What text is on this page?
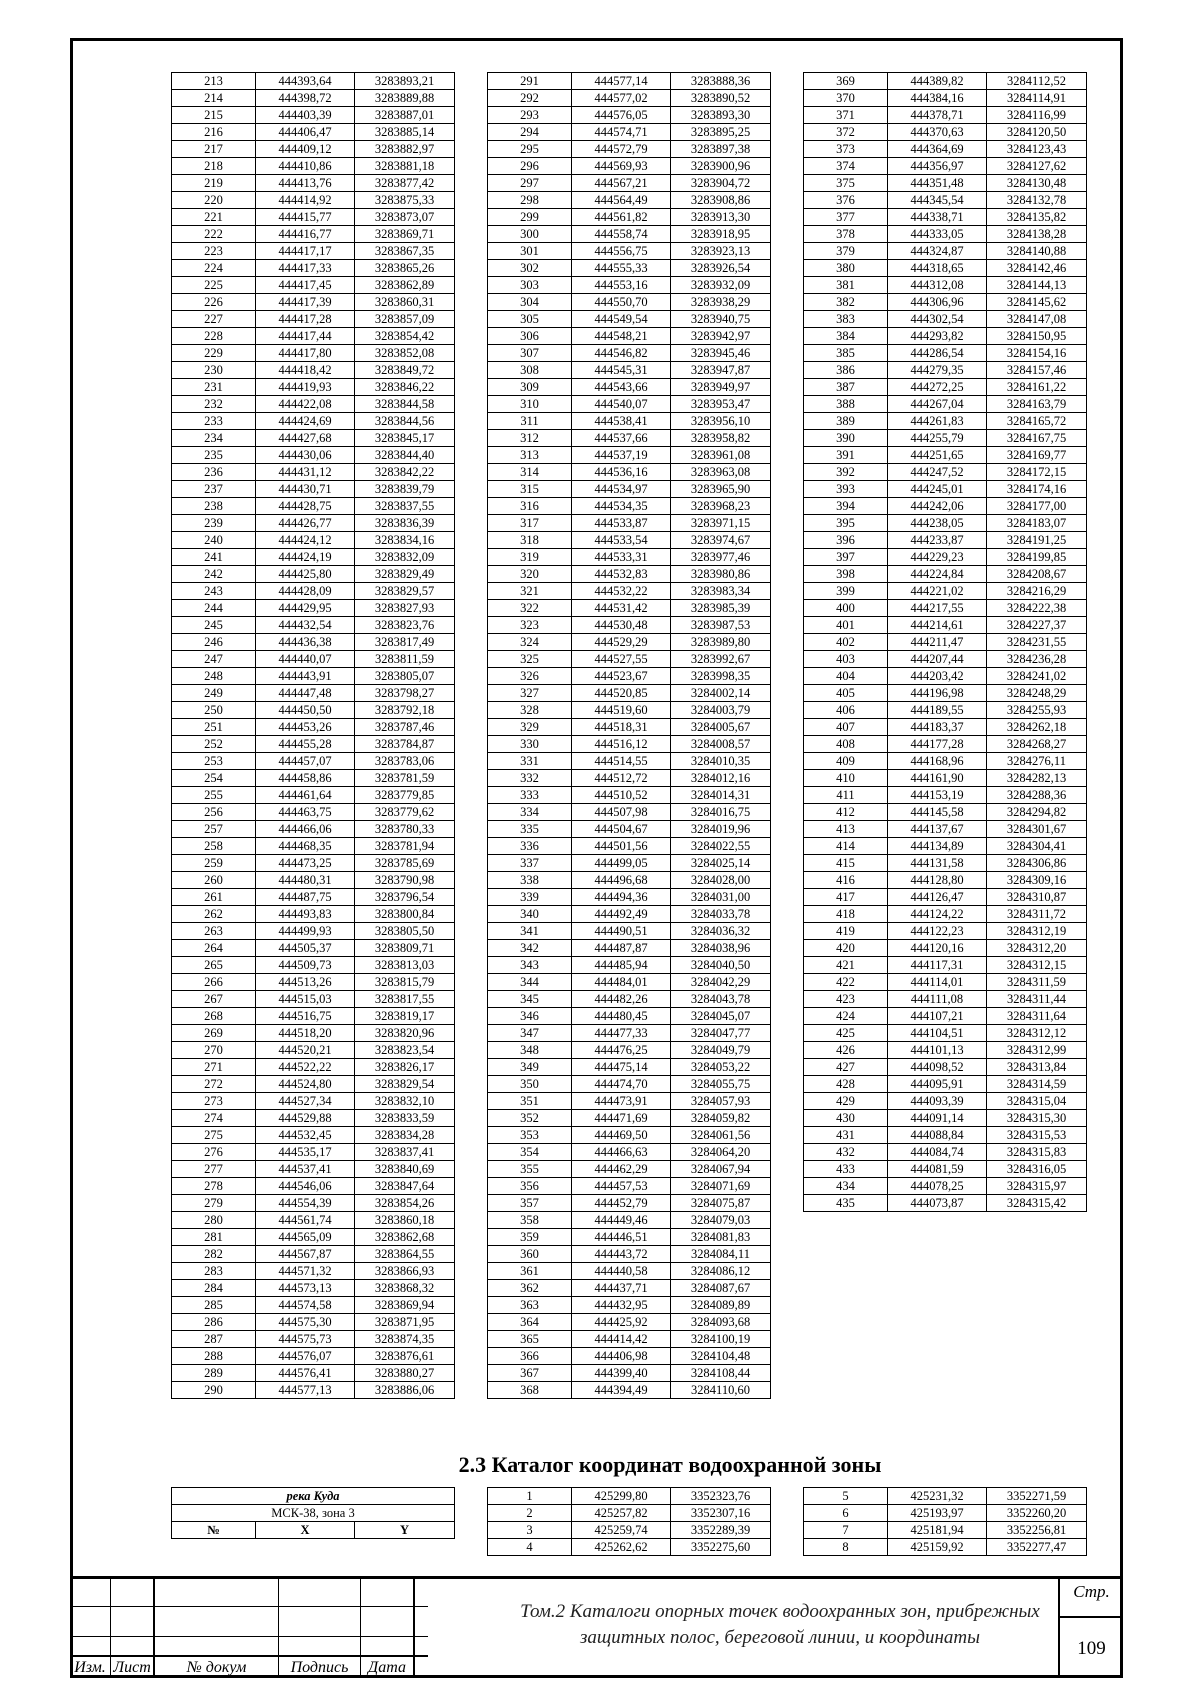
213	444393,64	3283893,21
214	444398,72	3283889,88
215	444403,39	3283887,01
216	444406,47	3283885,14
217	444409,12	3283882,97
218	444410,86	3283881,18
219	444413,76	3283877,42
220	444414,92	3283875,33
221	444415,77	3283873,07
222	444416,77	3283869,71
223	444417,17	3283867,35
224	444417,33	3283865,26
225	444417,45	3283862,89
226	444417,39	3283860,31
227	444417,28	3283857,09
228	444417,44	3283854,42
229	444417,80	3283852,08
230	444418,42	3283849,72
231	444419,93	3283846,22
232	444422,08	3283844,58
233	444424,69	3283844,56
234	444427,68	3283845,17
235	444430,06	3283844,40
236	444431,12	3283842,22
237	444430,71	3283839,79
238	444428,75	3283837,55
239	444426,77	3283836,39
240	444424,12	3283834,16
241	444424,19	3283832,09
242	444425,80	3283829,49
243	444428,09	3283829,57
244	444429,95	3283827,93
245	444432,54	3283823,76
246	444436,38	3283817,49
247	444440,07	3283811,59
248	444443,91	3283805,07
249	444447,48	3283798,27
250	444450,50	3283792,18
251	444453,26	3283787,46
252	444455,28	3283784,87
253	444457,07	3283783,06
254	444458,86	3283781,59
255	444461,64	3283779,85
256	444463,75	3283779,62
257	444466,06	3283780,33
258	444468,35	3283781,94
259	444473,25	3283785,69
260	444480,31	3283790,98
261	444487,75	3283796,54
262	444493,83	3283800,84
263	444499,93	3283805,50
264	444505,37	3283809,71
265	444509,73	3283813,03
266	444513,26	3283815,79
267	444515,03	3283817,55
268	444516,75	3283819,17
269	444518,20	3283820,96
270	444520,21	3283823,54
271	444522,22	3283826,17
272	444524,80	3283829,54
273	444527,34	3283832,10
274	444529,88	3283833,59
275	444532,45	3283834,28
276	444535,17	3283837,41
277	444537,41	3283840,69
278	444546,06	3283847,64
279	444554,39	3283854,26
280	444561,74	3283860,18
281	444565,09	3283862,68
282	444567,87	3283864,55
283	444571,32	3283866,93
284	444573,13	3283868,32
285	444574,58	3283869,94
286	444575,30	3283871,95
287	444575,73	3283874,35
288	444576,07	3283876,61
289	444576,41	3283880,27
290	444577,13	3283886,06
291	444577,14	3283888,36
292	444577,02	3283890,52
293	444576,05	3283893,30
294	444574,71	3283895,25
295	444572,79	3283897,38
296	444569,93	3283900,96
297	444567,21	3283904,72
298	444564,49	3283908,86
299	444561,82	3283913,30
300	444558,74	3283918,95
301	444556,75	3283923,13
302	444555,33	3283926,54
303	444553,16	3283932,09
304	444550,70	3283938,29
305	444549,54	3283940,75
306	444548,21	3283942,97
307	444546,82	3283945,46
308	444545,31	3283947,87
309	444543,66	3283949,97
310	444540,07	3283953,47
311	444538,41	3283956,10
312	444537,66	3283958,82
313	444537,19	3283961,08
314	444536,16	3283963,08
315	444534,97	3283965,90
316	444534,35	3283968,23
317	444533,87	3283971,15
318	444533,54	3283974,67
319	444533,31	3283977,46
320	444532,83	3283980,86
321	444532,22	3283983,34
322	444531,42	3283985,39
323	444530,48	3283987,53
324	444529,29	3283989,80
325	444527,55	3283992,67
326	444523,67	3283998,35
327	444520,85	3284002,14
328	444519,60	3284003,79
329	444518,31	3284005,67
330	444516,12	3284008,57
331	444514,55	3284010,35
332	444512,72	3284012,16
333	444510,52	3284014,31
334	444507,98	3284016,75
335	444504,67	3284019,96
336	444501,56	3284022,55
337	444499,05	3284025,14
338	444496,68	3284028,00
339	444494,36	3284031,00
340	444492,49	3284033,78
341	444490,51	3284036,32
342	444487,87	3284038,96
343	444485,94	3284040,50
344	444484,01	3284042,29
345	444482,26	3284043,78
346	444480,45	3284045,07
347	444477,33	3284047,77
348	444476,25	3284049,79
349	444475,14	3284053,22
350	444474,70	3284055,75
351	444473,91	3284057,93
352	444471,69	3284059,82
353	444469,50	3284061,56
354	444466,63	3284064,20
355	444462,29	3284067,94
356	444457,53	3284071,69
357	444452,79	3284075,87
358	444449,46	3284079,03
359	444446,51	3284081,83
360	444443,72	3284084,11
361	444440,58	3284086,12
362	444437,71	3284087,67
363	444432,95	3284089,89
364	444425,92	3284093,68
365	444414,42	3284100,19
366	444406,98	3284104,48
367	444399,40	3284108,44
368	444394,49	3284110,60
369	444389,82	3284112,52
370	444384,16	3284114,91
371	444378,71	3284116,99
372	444370,63	3284120,50
373	444364,69	3284123,43
374	444356,97	3284127,62
375	444351,48	3284130,48
376	444345,54	3284132,78
377	444338,71	3284135,82
378	444333,05	3284138,28
379	444324,87	3284140,88
380	444318,65	3284142,46
381	444312,08	3284144,13
382	444306,96	3284145,62
383	444302,54	3284147,08
384	444293,82	3284150,95
385	444286,54	3284154,16
386	444279,35	3284157,46
387	444272,25	3284161,22
388	444267,04	3284163,79
389	444261,83	3284165,72
390	444255,79	3284167,75
391	444251,65	3284169,77
392	444247,52	3284172,15
393	444245,01	3284174,16
394	444242,06	3284177,00
395	444238,05	3284183,07
396	444233,87	3284191,25
397	444229,23	3284199,85
398	444224,84	3284208,67
399	444221,02	3284216,29
400	444217,55	3284222,38
401	444214,61	3284227,37
402	444211,47	3284231,55
403	444207,44	3284236,28
404	444203,42	3284241,02
405	444196,98	3284248,29
406	444189,55	3284255,93
407	444183,37	3284262,18
408	444177,28	3284268,27
409	444168,96	3284276,11
410	444161,90	3284282,13
411	444153,19	3284288,36
412	444145,58	3284294,82
413	444137,67	3284301,67
414	444134,89	3284304,41
415	444131,58	3284306,86
416	444128,80	3284309,16
417	444126,47	3284310,87
418	444124,22	3284311,72
419	444122,23	3284312,19
420	444120,16	3284312,20
421	444117,31	3284312,15
422	444114,01	3284311,59
423	444111,08	3284311,44
424	444107,21	3284311,64
425	444104,51	3284312,12
426	444101,13	3284312,99
427	444098,52	3284313,84
428	444095,91	3284314,59
429	444093,39	3284315,04
430	444091,14	3284315,30
431	444088,84	3284315,53
432	444084,74	3284315,83
433	444081,59	3284316,05
434	444078,25	3284315,97
435	444073,87	3284315,42
2.3 Каталог координат водоохранной зоны
река Куда
МСК-38, зона 3
№	X	Y
1	425299,80	3352323,76
2	425257,82	3352307,16
3	425259,74	3352289,39
4	425262,62	3352275,60
5	425231,32	3352271,59
6	425193,97	3352260,20
7	425181,94	3352256,81
8	425159,92	3352277,47
Изм. Лист	№ докум	Подпись	Дата
Том.2 Каталоги опорных точек водоохранных зон, прибрежных
защитных полос, береговой линии, и координаты
Стр.
109
